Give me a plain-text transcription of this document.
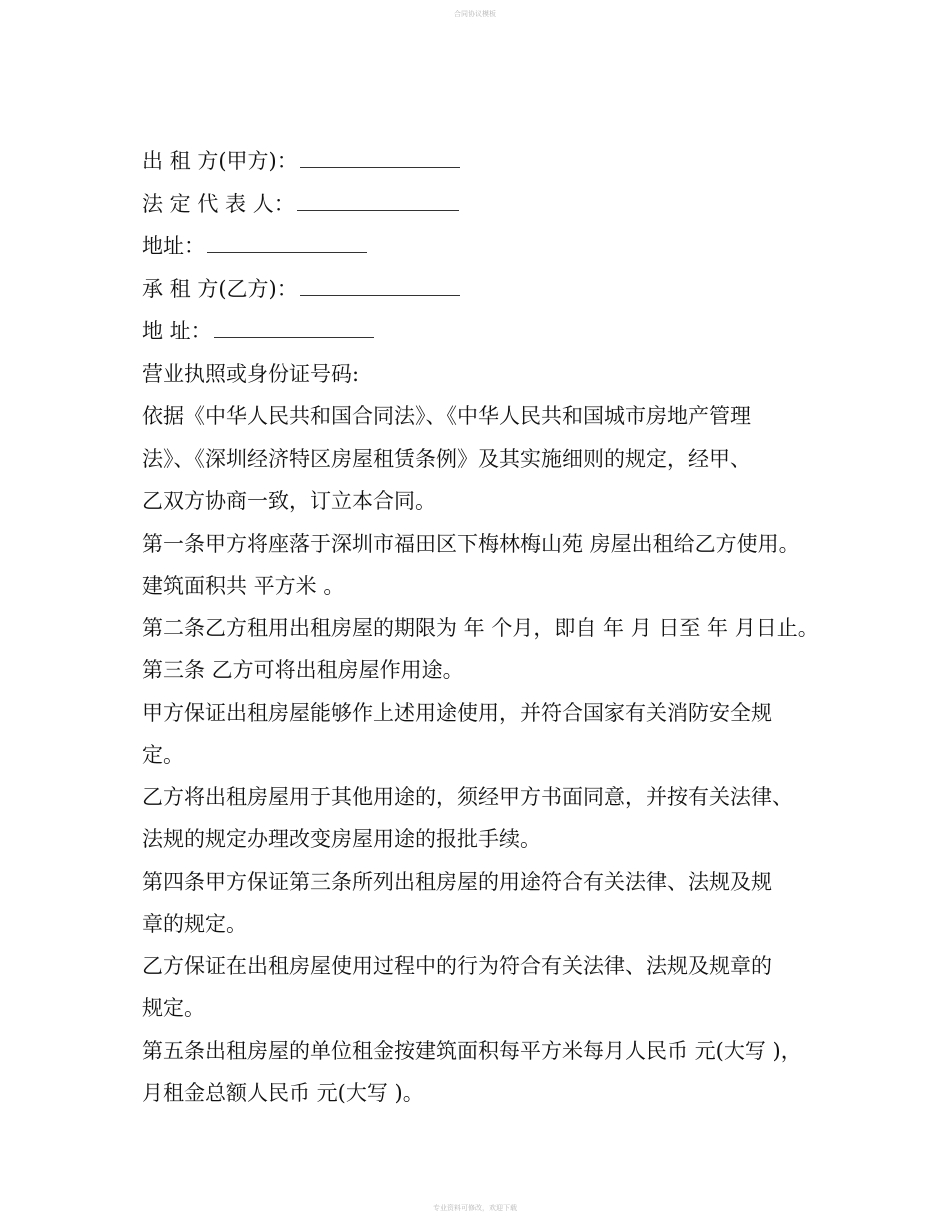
合同协议模板
出 租 方(甲方)：
法 定 代 表 人：
地址：
承 租 方(乙方)：
地 址：
营业执照或身份证号码:
依据《中华人民共和国合同法》、《中华人民共和国城市房地产管理
法》、《深圳经济特区房屋租赁条例》及其实施细则的规定，经甲、
乙双方协商一致，订立本合同。
第一条甲方将座落于深圳市福田区下梅林梅山苑 房屋出租给乙方使用。
建筑面积共 平方米 。
第二条乙方租用出租房屋的期限为 年 个月，即自 年 月 日至 年 月日止。
第三条 乙方可将出租房屋作用途。
甲方保证出租房屋能够作上述用途使用，并符合国家有关消防安全规
定。
乙方将出租房屋用于其他用途的，须经甲方书面同意，并按有关法律、
法规的规定办理改变房屋用途的报批手续。
第四条甲方保证第三条所列出租房屋的用途符合有关法律、法规及规
章的规定。
乙方保证在出租房屋使用过程中的行为符合有关法律、法规及规章的
规定。
第五条出租房屋的单位租金按建筑面积每平方米每月人民币 元(大写 )，
月租金总额人民币 元(大写 )。
专业资料可修改，欢迎下载
